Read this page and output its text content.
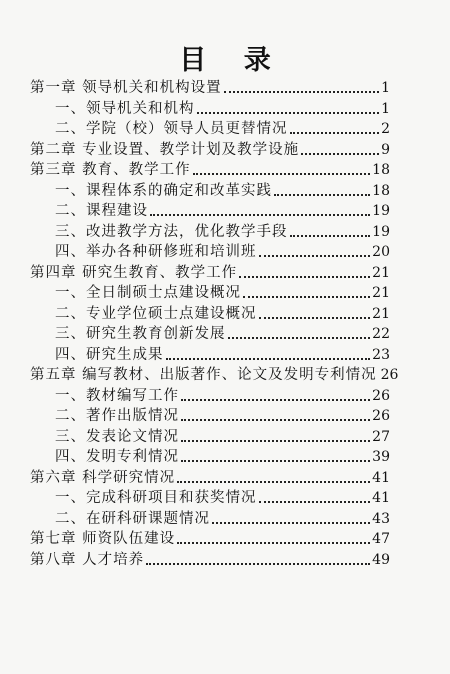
目 录
第一章 领导机关和机构设置	1
一、领导机关和机构	1
二、学院（校）领导人员更替情况	2
第二章 专业设置、教学计划及教学设施	9
第三章 教育、教学工作	18
一、课程体系的确定和改革实践	18
二、课程建设	19
三、改进教学方法，优化教学手段	19
四、举办各种研修班和培训班	20
第四章 研究生教育、教学工作	21
一、全日制硕士点建设概况	21
二、专业学位硕士点建设概况	21
三、研究生教育创新发展	22
四、研究生成果	23
第五章 编写教材、出版著作、论文及发明专利情况 26
一、教材编写工作	26
二、著作出版情况	26
三、发表论文情况	27
四、发明专利情况	39
第六章 科学研究情况	41
一、完成科研项目和获奖情况	41
二、在研科研课题情况	43
第七章 师资队伍建设	47
第八章 人才培养	49
